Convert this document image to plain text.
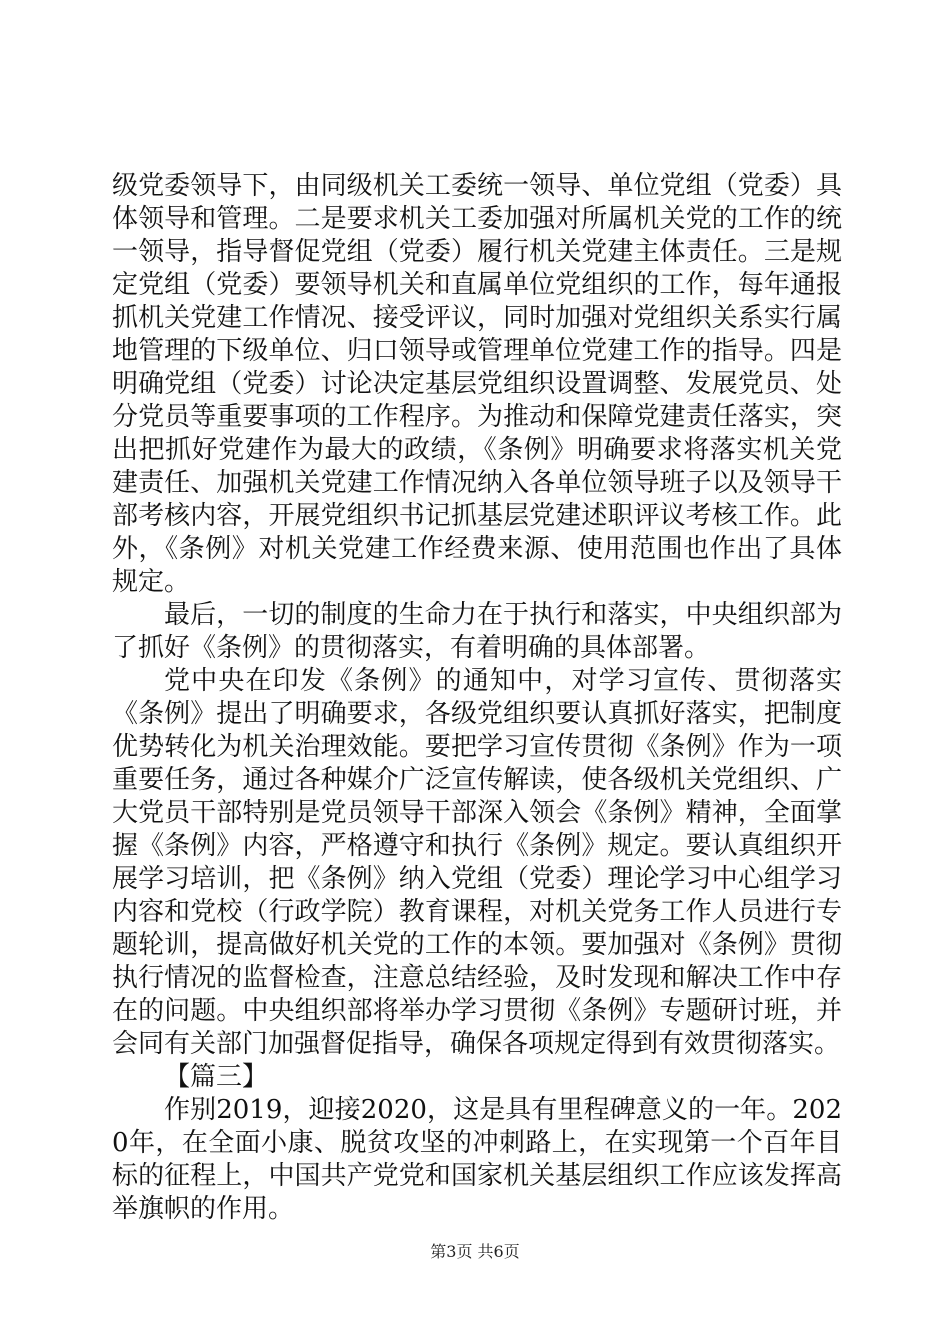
级党委领导下，由同级机关工委统一领导、单位党组（党委）具体领导和管理。二是要求机关工委加强对所属机关党的工作的统一领导，指导督促党组（党委）履行机关党建主体责任。三是规定党组（党委）要领导机关和直属单位党组织的工作，每年通报抓机关党建工作情况、接受评议，同时加强对党组织关系实行属地管理的下级单位、归口领导或管理单位党建工作的指导。四是明确党组（党委）讨论决定基层党组织设置调整、发展党员、处分党员等重要事项的工作程序。为推动和保障党建责任落实，突出把抓好党建作为最大的政绩，《条例》明确要求将落实机关党建责任、加强机关党建工作情况纳入各单位领导班子以及领导干部考核内容，开展党组织书记抓基层党建述职评议考核工作。此外，《条例》对机关党建工作经费来源、使用范围也作出了具体规定。

最后，一切的制度的生命力在于执行和落实，中央组织部为了抓好《条例》的贯彻落实，有着明确的具体部署。

党中央在印发《条例》的通知中，对学习宣传、贯彻落实《条例》提出了明确要求，各级党组织要认真抓好落实，把制度优势转化为机关治理效能。要把学习宣传贯彻《条例》作为一项重要任务，通过各种媒介广泛宣传解读，使各级机关党组织、广大党员干部特别是党员领导干部深入领会《条例》精神，全面掌握《条例》内容，严格遵守和执行《条例》规定。要认真组织开展学习培训，把《条例》纳入党组（党委）理论学习中心组学习内容和党校（行政学院）教育课程，对机关党务工作人员进行专题轮训，提高做好机关党的工作的本领。要加强对《条例》贯彻执行情况的监督检查，注意总结经验，及时发现和解决工作中存在的问题。中央组织部将举办学习贯彻《条例》专题研讨班，并会同有关部门加强督促指导，确保各项规定得到有效贯彻落实。

【篇三】

作别2019，迎接2020，这是具有里程碑意义的一年。2020年，在全面小康、脱贫攻坚的冲刺路上，在实现第一个百年目标的征程上，中国共产党党和国家机关基层组织工作应该发挥高举旗帜的作用。

第3页 共6页
